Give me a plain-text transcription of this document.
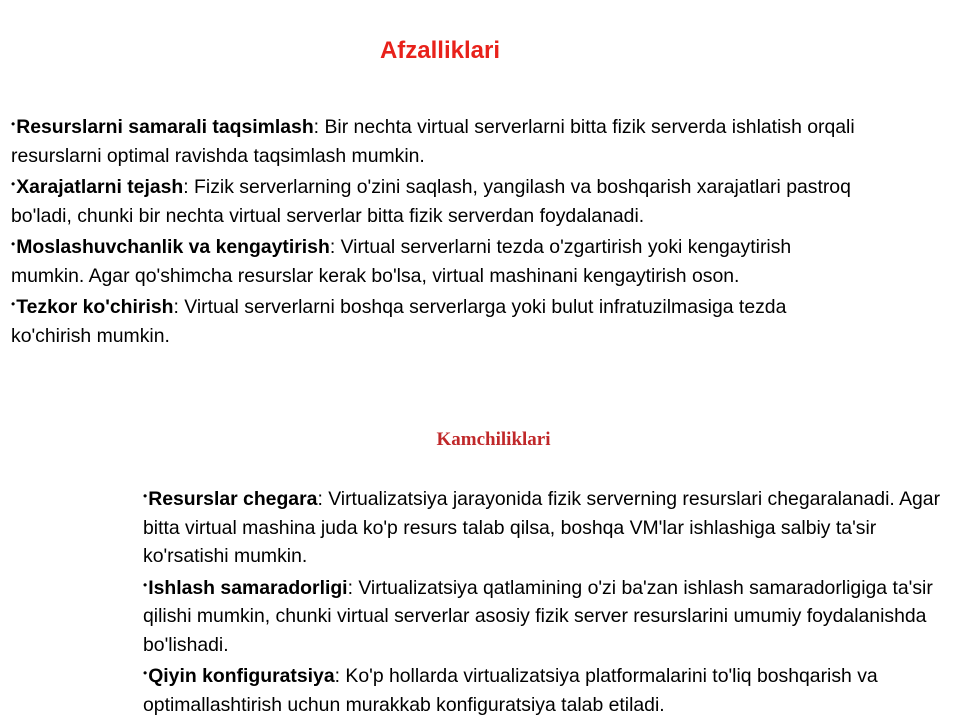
Afzalliklari
•Resurslarni samarali taqsimlash: Bir nechta virtual serverlarni bitta fizik serverda ishlatish orqali resurslarni optimal ravishda taqsimlash mumkin.
•Xarajatlarni tejash: Fizik serverlarning o'zini saqlash, yangilash va boshqarish xarajatlari pastroq bo'ladi, chunki bir nechta virtual serverlar bitta fizik serverdan foydalanadi.
•Moslashuvchanlik va kengaytirish: Virtual serverlarni tezda o'zgartirish yoki kengaytirish mumkin. Agar qo'shimcha resurslar kerak bo'lsa, virtual mashinani kengaytirish oson.
•Tezkor ko'chirish: Virtual serverlarni boshqa serverlarga yoki bulut infratuzilmasiga tezda ko'chirish mumkin.
Kamchiliklari
•Resurslar chegara: Virtualizatsiya jarayonida fizik serverning resurslari chegaralanadi. Agar bitta virtual mashina juda ko'p resurs talab qilsa, boshqa VM'lar ishlashiga salbiy ta'sir ko'rsatishi mumkin.
•Ishlash samaradorligi: Virtualizatsiya qatlamining o'zi ba'zan ishlash samaradorligiga ta'sir qilishi mumkin, chunki virtual serverlar asosiy fizik server resurslarini umumiy foydalanishda bo'lishadi.
•Qiyin konfiguratsiya: Ko'p hollarda virtualizatsiya platformalarini to'liq boshqarish va optimallashtirish uchun murakkab konfiguratsiya talab etiladi.
